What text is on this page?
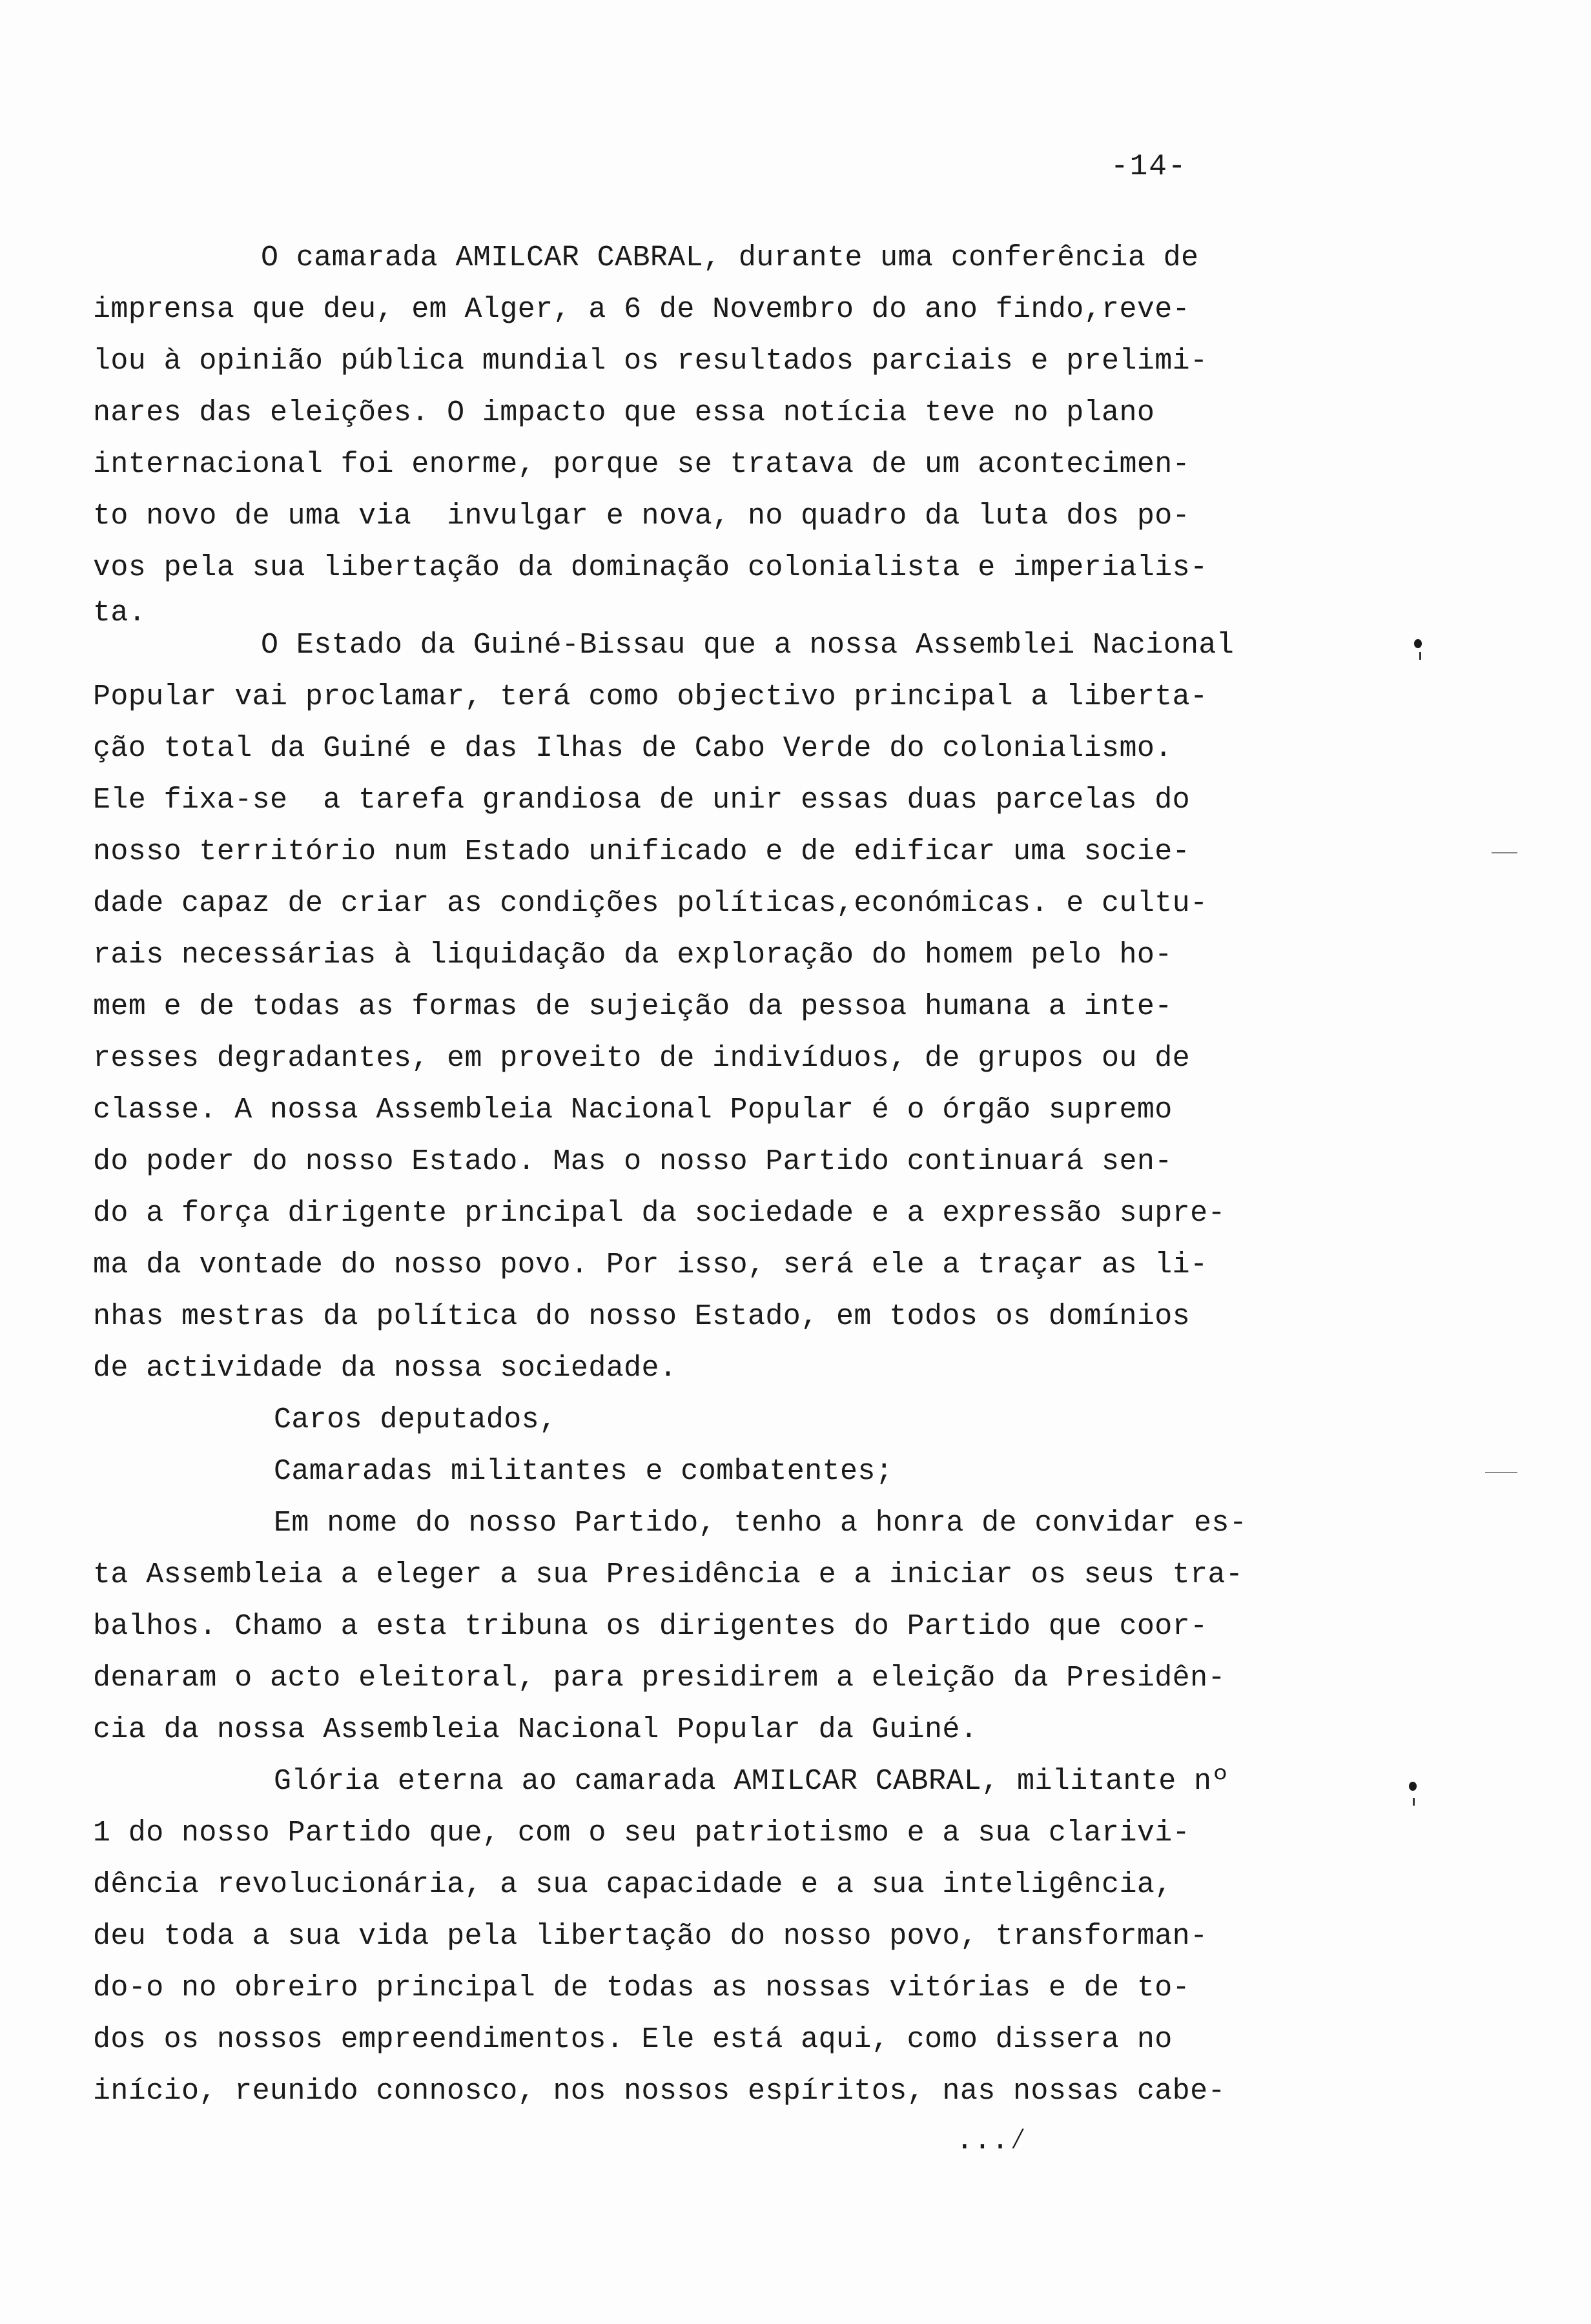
-14-
O camarada AMILCAR CABRAL, durante uma conferência de
imprensa que deu, em Alger, a 6 de Novembro do ano findo,reve-
lou à opinião pública mundial os resultados parciais e prelimi-
nares das eleições. O impacto que essa notícia teve no plano
internacional foi enorme, porque se tratava de um acontecimen-
to novo de uma via  invulgar e nova, no quadro da luta dos po-
vos pela sua libertação da dominação colonialista e imperialis-
ta.
O Estado da Guiné-Bissau que a nossa Assemblei Nacional
Popular vai proclamar, terá como objectivo principal a liberta-
ção total da Guiné e das Ilhas de Cabo Verde do colonialismo.
Ele fixa-se  a tarefa grandiosa de unir essas duas parcelas do
nosso território num Estado unificado e de edificar uma socie-
dade capaz de criar as condições políticas,económicas. e cultu-
rais necessárias à liquidação da exploração do homem pelo ho-
mem e de todas as formas de sujeição da pessoa humana a inte-
resses degradantes, em proveito de indivíduos, de grupos ou de
classe. A nossa Assembleia Nacional Popular é o órgão supremo
do poder do nosso Estado. Mas o nosso Partido continuará sen-
do a força dirigente principal da sociedade e a expressão supre-
ma da vontade do nosso povo. Por isso, será ele a traçar as li-
nhas mestras da política do nosso Estado, em todos os domínios
de actividade da nossa sociedade.
Caros deputados,
Camaradas militantes e combatentes;
Em nome do nosso Partido, tenho a honra de convidar es-
ta Assembleia a eleger a sua Presidência e a iniciar os seus tra-
balhos. Chamo a esta tribuna os dirigentes do Partido que coor-
denaram o acto eleitoral, para presidirem a eleição da Presidên-
cia da nossa Assembleia Nacional Popular da Guiné.
Glória eterna ao camarada AMILCAR CABRAL, militante nº
1 do nosso Partido que, com o seu patriotismo e a sua clarivi-
dência revolucionária, a sua capacidade e a sua inteligência,
deu toda a sua vida pela libertação do nosso povo, transforman-
do-o no obreiro principal de todas as nossas vitórias e de to-
dos os nossos empreendimentos. Ele está aqui, como dissera no
início, reunido connosco, nos nossos espíritos, nas nossas cabe-
...⁄
